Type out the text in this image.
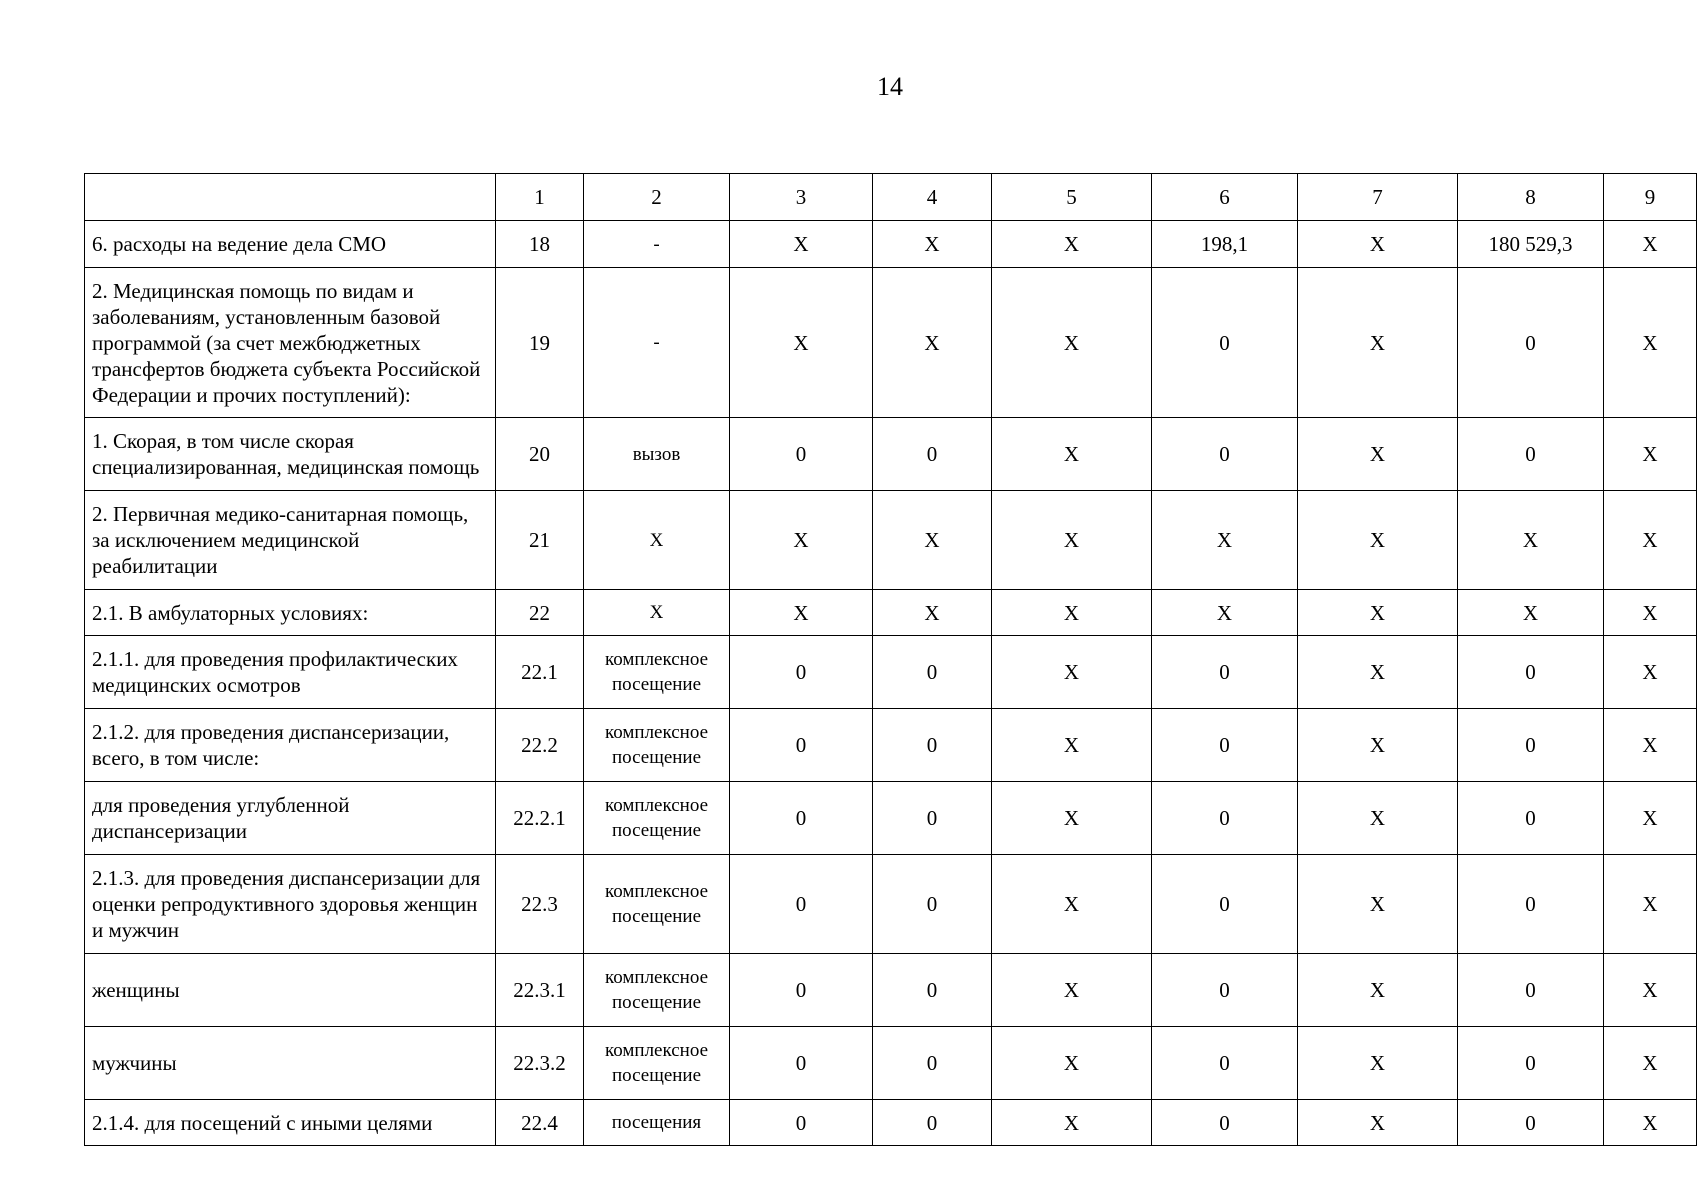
14
	1	2	3	4	5	6	7	8	9
6. расходы на ведение дела СМО	18	-	Х	Х	Х	198,1	Х	180 529,3	Х
2. Медицинская помощь по видам и заболеваниям, установленным базовой программой (за счет межбюджетных трансфертов бюджета субъекта Российской Федерации и прочих поступлений):	19	-	Х	Х	Х	0	Х	0	Х
1. Скорая, в том числе скорая специализированная, медицинская помощь	20	вызов	0	0	Х	0	Х	0	Х
2. Первичная медико-санитарная помощь, за исключением медицинской реабилитации	21	Х	Х	Х	Х	Х	Х	Х	Х
2.1. В амбулаторных условиях:	22	Х	Х	Х	Х	Х	Х	Х	Х
2.1.1. для проведения профилактических медицинских осмотров	22.1	комплексное посещение	0	0	Х	0	Х	0	Х
2.1.2. для проведения диспансеризации, всего, в том числе:	22.2	комплексное посещение	0	0	Х	0	Х	0	Х
для проведения углубленной диспансеризации	22.2.1	комплексное посещение	0	0	Х	0	Х	0	Х
2.1.3. для проведения диспансеризации для оценки репродуктивного здоровья женщин и мужчин	22.3	комплексное посещение	0	0	Х	0	Х	0	Х
женщины	22.3.1	комплексное посещение	0	0	Х	0	Х	0	Х
мужчины	22.3.2	комплексное посещение	0	0	Х	0	Х	0	Х
2.1.4. для посещений с иными целями	22.4	посещения	0	0	Х	0	Х	0	Х
